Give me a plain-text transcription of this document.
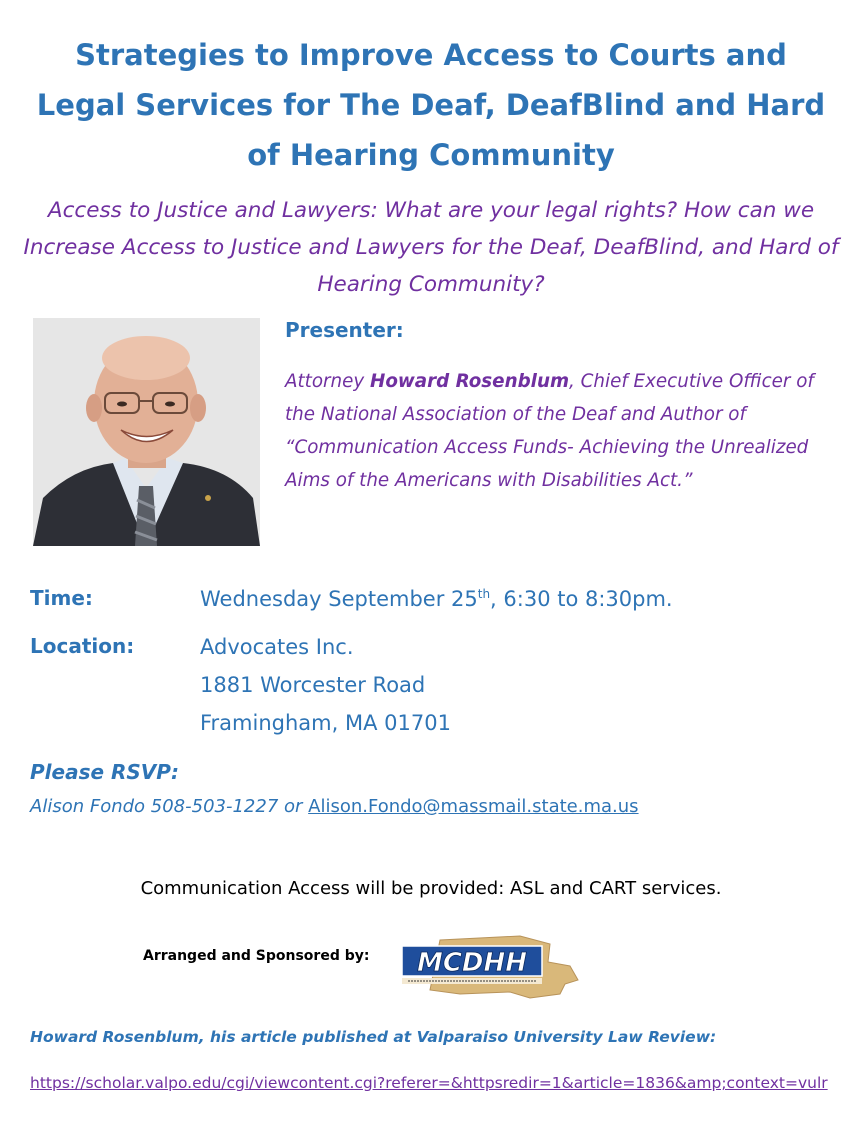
Strategies to Improve Access to Courts and Legal Services for The Deaf, DeafBlind and Hard of Hearing Community

Access to Justice and Lawyers: What are your legal rights? How can we Increase Access to Justice and Lawyers for the Deaf, DeafBlind, and Hard of Hearing Community?

Presenter:

Attorney Howard Rosenblum, Chief Executive Officer of the National Association of the Deaf and Author of “Communication Access Funds- Achieving the Unrealized Aims of the Americans with Disabilities Act.”

Time:	Wednesday September 25th, 6:30 to 8:30pm.
Location:	Advocates Inc.
1881 Worcester Road
Framingham, MA 01701
Please RSVP:
Alison Fondo 508-503-1227 or Alison.Fondo@massmail.state.ma.us
Communication Access will be provided: ASL and CART services.
Arranged and Sponsored by: MCDHH
Howard Rosenblum, his article published at Valparaiso University Law Review:
https://scholar.valpo.edu/cgi/viewcontent.cgi?referer=&httpsredir=1&article=1836&amp;context=vulr
